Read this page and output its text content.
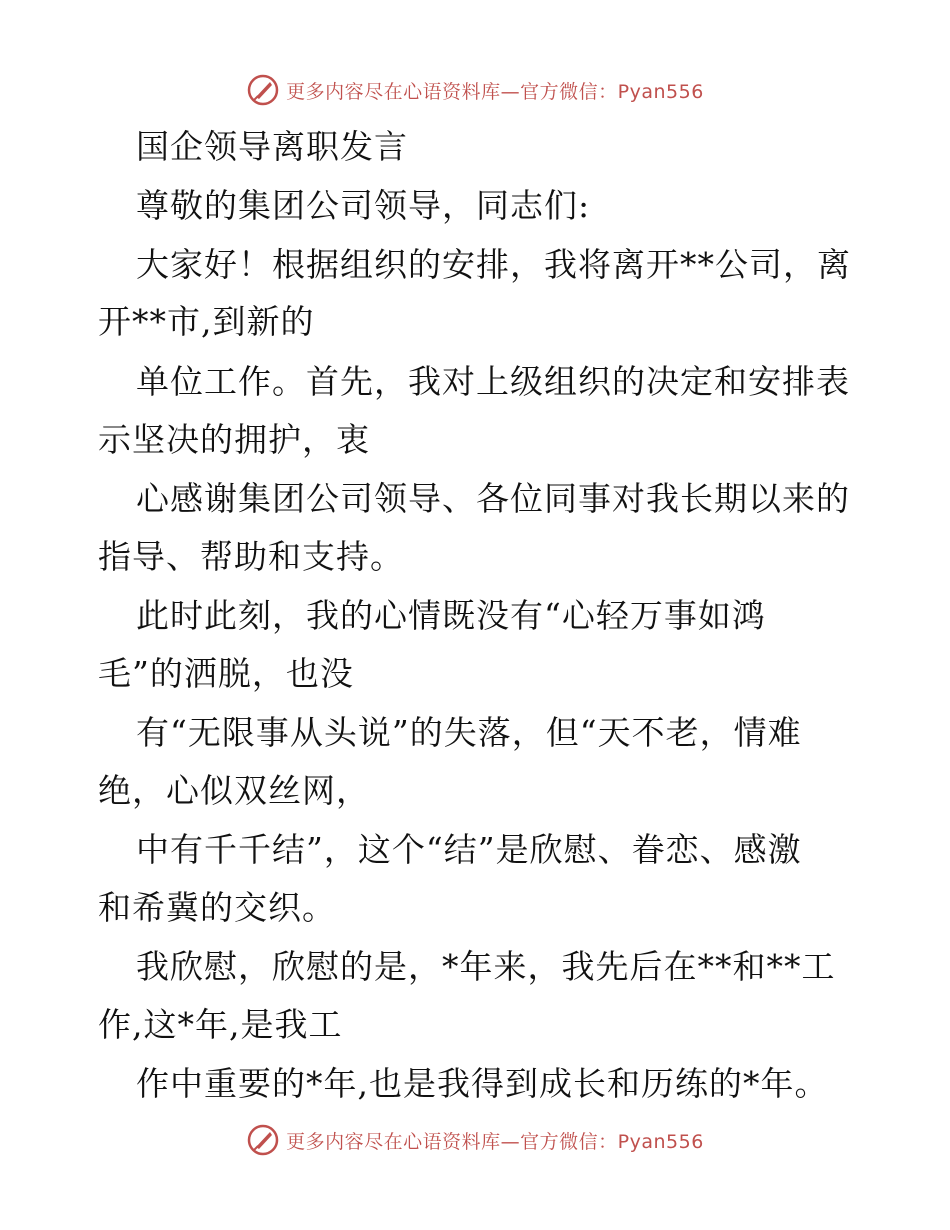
更多内容尽在心语资料库—官方微信：Pyan556
国企领导离职发言
尊敬的集团公司领导，同志们:
大家好！根据组织的安排，我将离开**公司，离
开**市,到新的
单位工作。首先，我对上级组织的决定和安排表
示坚决的拥护，衷
心感谢集团公司领导、各位同事对我长期以来的
指导、帮助和支持。
此时此刻，我的心情既没有“心轻万事如鸿
毛”的洒脱，也没
有“无限事从头说”的失落，但“天不老，情难
绝，心似双丝网，
中有千千结”，这个“结”是欣慰、眷恋、感激
和希冀的交织。
我欣慰，欣慰的是，*年来，我先后在**和**工
作,这*年,是我工
作中重要的*年,也是我得到成长和历练的*年。
更多内容尽在心语资料库—官方微信：Pyan556
